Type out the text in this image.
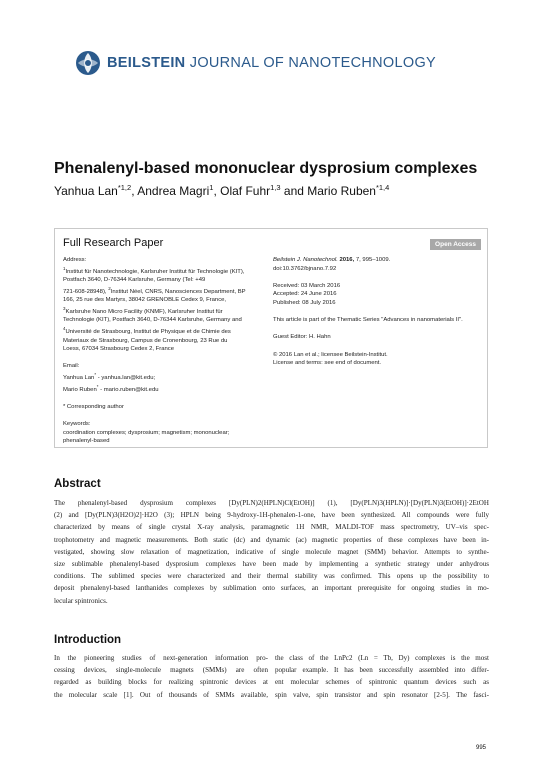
BEILSTEIN JOURNAL OF NANOTECHNOLOGY
Phenalenyl-based mononuclear dysprosium complexes
Yanhua Lan$^{*1,2}$, Andrea Magri$^1$, Olaf Fuhr$^{1,3}$ and Mario Ruben$^{*1,4}$
Full Research Paper	Open Access
Address:
$^1$Institut für Nanotechnologie, Karlsruher Institut für Technologie (KIT),
Postfach 3640, D-76344 Karlsruhe, Germany (Tel: +49
721-608-28948), $^2$Institut Néel, CNRS, Nanosciences Department, BP
166, 25 rue des Martyrs, 38042 GRENOBLE Cedex 9, France,
$^3$Karlsruhe Nano Micro Facility (KNMF), Karlsruher Institut für
Technologie (KIT), Postfach 3640, D-76344 Karlsruhe, Germany and
$^4$Université de Strasbourg, Institut de Physique et de Chimie des
Materiaux de Strasbourg, Campus de Cronenbourg, 23 Rue du
Loess, 67034 Strasbourg Cedex 2, France

Email:
Yanhua Lan* - yanhua.lan@kit.edu;
Mario Ruben* - mario.ruben@kit.edu

* Corresponding author

Keywords:
coordination complexes; dysprosium; magnetism; mononuclear;
phenalenyl-based
Beilstein J. Nanotechnol. 2016, 7, 995–1009.
doi:10.3762/bjnano.7.92

Received: 03 March 2016
Accepted: 24 June 2016
Published: 08 July 2016

This article is part of the Thematic Series "Advances in nanomaterials II".

Guest Editor: H. Hahn

© 2016 Lan et al.; licensee Beilstein-Institut.
License and terms: see end of document.
Abstract
The phenalenyl-based dysprosium complexes [Dy(PLN)2(HPLN)Cl(EtOH)] (1), [Dy(PLN)3(HPLN)]·[Dy(PLN)3(EtOH)]·2EtOH
(2) and [Dy(PLN)3(H2O)2]·H2O (3); HPLN being 9-hydroxy-1H-phenalen-1-one, have been synthesized. All compounds were fully
characterized by means of single crystal X-ray analysis, paramagnetic 1H NMR, MALDI-TOF mass spectrometry, UV–vis spec-
trophotometry and magnetic measurements. Both static (dc) and dynamic (ac) magnetic properties of these complexes have been in-
vestigated, showing slow relaxation of magnetization, indicative of single molecule magnet (SMM) behavior. Attempts to synthe-
size sublimable phenalenyl-based dysprosium complexes have been made by implementing a synthetic strategy under anhydrous
conditions. The sublimed species were characterized and their thermal stability was confirmed. This opens up the possibility to
deposit phenalenyl-based lanthanides complexes by sublimation onto surfaces, an important prerequisite for ongoing studies in mo-
lecular spintronics.
Introduction
In the pioneering studies of next-generation information pro-
cessing devices, single-molecule magnets (SMMs) are often
regarded as building blocks for realizing spintronic devices at
the molecular scale [1]. Out of thousands of SMMs available,
the class of the LnPc2 (Ln = Tb, Dy) complexes is the most
popular example. It has been successfully assembled into differ-
ent molecular schemes of spintronic quantum devices such as
spin valve, spin transistor and spin resonator [2-5]. The fasci-
995
